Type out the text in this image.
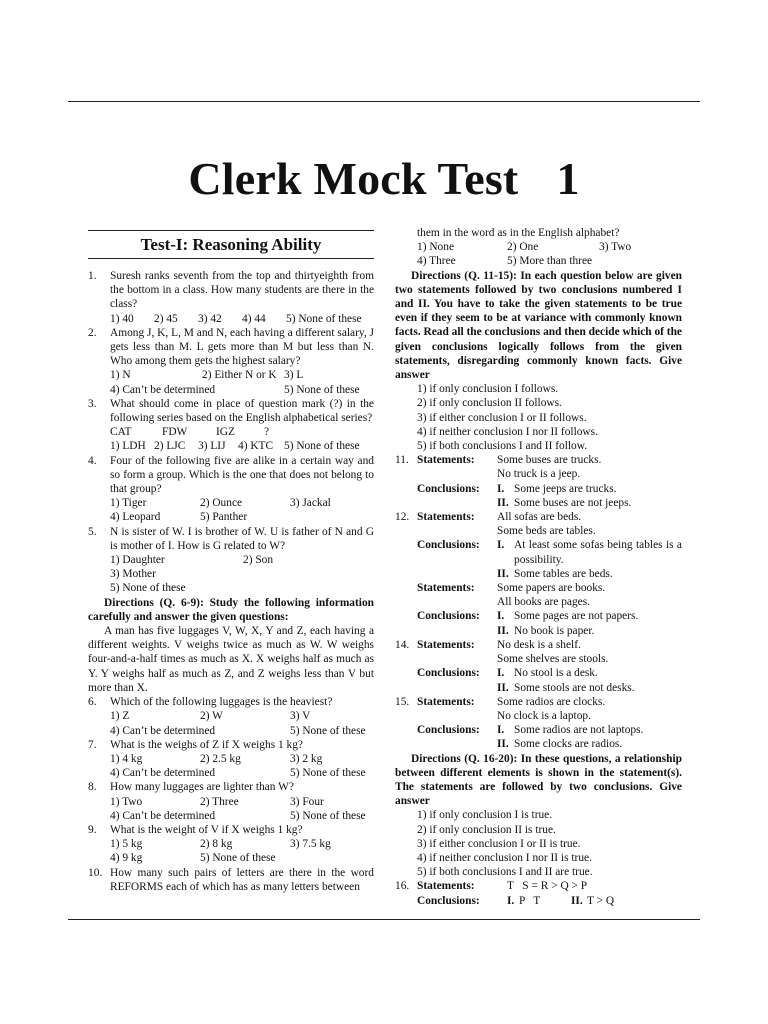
Clerk Mock Test 1
Test-I: Reasoning Ability
1.	Suresh ranks seventh from the top and thirtyeighth from the bottom in a class. How many students are there in the class?
1) 40	2) 45	3) 42	4) 44	5) None of these
2.	Among J, K, L, M and N, each having a different salary, J gets less than M. L gets more than M but less than N. Who among them gets the highest salary?
1) N	2) Either N or K 3) L
4) Can’t be determined	5) None of these
3.	What should come in place of question mark (?) in the following series based on the English alphabetical series?
CAT	FDW	IGZ	?
1) LDH 2) LJC	3) LIJ	4) KTC 5) None of these
4.	Four of the following five are alike in a certain way and so form a group. Which is the one that does not belong to that group?
1) Tiger	2) Ounce	3) Jackal
4) Leopard	5) Panther
5.	N is sister of W. I is brother of W. U is father of N and G is mother of I. How is G related to W?
1) Daughter	2) Son
3) Mother
5) None of these
Directions (Q. 6-9): Study the following information carefully and answer the given questions:
A man has five luggages V, W, X, Y and Z, each having a different weights. V weighs twice as much as W. W weighs four-and-a-half times as much as X. X weighs half as much as Y. Y weighs half as much as Z, and Z weighs less than V but more than X.
6.	Which of the following luggages is the heaviest?
1) Z	2) W	3) V
4) Can’t be determined	5) None of these
7.	What is the weighs of Z if X weighs 1 kg?
1) 4 kg	2) 2.5 kg	3) 2 kg
4) Can’t be determined	5) None of these
8.	How many luggages are lighter than W?
1) Two	2) Three	3) Four
4) Can’t be determined	5) None of these
9.	What is the weight of V if X weighs 1 kg?
1) 5 kg	2) 8 kg	3) 7.5 kg
4) 9 kg	5) None of these
10. How many such pairs of letters are there in the word REFORMS each of which has as many letters between
them in the word as in the English alphabet?
1) None	2) One	3) Two
4) Three	5) More than three
Directions (Q. 11-15): In each question below are given two statements followed by two conclusions numbered I and II. You have to take the given statements to be true even if they seem to be at variance with commonly known facts. Read all the conclusions and then decide which of the given conclusions logically follows from the given statements, disregarding commonly known facts. Give answer
1) if only conclusion I follows.
2) if only conclusion II follows.
3) if either conclusion I or II follows.
4) if neither conclusion I nor II follows.
5) if both conclusions I and II follow.
11. Statements:	Some buses are trucks.
No truck is a jeep.
Conclusions:	I. Some jeeps are trucks.
II. Some buses are not jeeps.
12. Statements:	All sofas are beds.
Some beds are tables.
Conclusions:	I. At least some sofas being tables is a possibility.
II. Some tables are beds.
Statements:	Some papers are books.
All books are pages.
Conclusions:	I. Some pages are not papers.
II. No book is paper.
14. Statements:	No desk is a shelf.
Some shelves are stools.
Conclusions:	I. No stool is a desk.
II. Some stools are not desks.
15. Statements:	Some radios are clocks.
No clock is a laptop.
Conclusions:	I. Some radios are not laptops.
II. Some clocks are radios.
Directions (Q. 16-20): In these questions, a relationship between different elements is shown in the statement(s). The statements are followed by two conclusions. Give answer
1) if only conclusion I is true.
2) if only conclusion II is true.
3) if either conclusion I or II is true.
4) if neither conclusion I nor II is true.
5) if both conclusions I and II are true.
16. Statements:	T   S = R > Q > P
Conclusions:	I. P   T	II. T > Q
